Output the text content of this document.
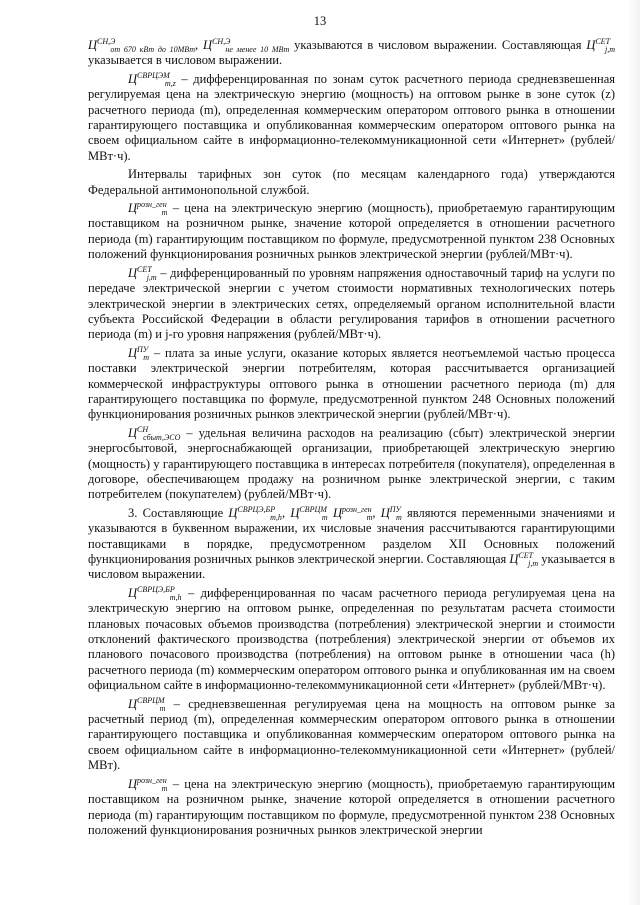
13

$Ц^{СН,Э}_{от 670 кВт до 10МВт}$, $Ц^{СН,Э}_{не менее 10 МВт}$ указываются в числовом выражении. Составляющая $Ц^{СЕТ}_{j,m}$ указывается в числовом выражении.

$Ц^{СВРЦЭМ}_{m,z}$ – дифференцированная по зонам суток расчетного периода средневзвешенная регулируемая цена на электрическую энергию (мощность) на оптовом рынке в зоне суток (z) расчетного периода (m), определенная коммерческим оператором оптового рынка в отношении гарантирующего поставщика и опубликованная коммерческим оператором оптового рынка на своем официальном сайте в информационно-телекоммуникационной сети «Интернет» (рублей/МВт·ч).

Интервалы тарифных зон суток (по месяцам календарного года) утверждаются Федеральной антимонопольной службой.

$Ц^{розн\_ген}_m$ – цена на электрическую энергию (мощность), приобретаемую гарантирующим поставщиком на розничном рынке, значение которой определяется в отношении расчетного периода (m) гарантирующим поставщиком по формуле, предусмотренной пунктом 238 Основных положений функционирования розничных рынков электрической энергии (рублей/МВт·ч).

$Ц^{СЕТ}_{j,m}$ – дифференцированный по уровням напряжения одноставочный тариф на услуги по передаче электрической энергии с учетом стоимости нормативных технологических потерь электрической энергии в электрических сетях, определяемый органом исполнительной власти субъекта Российской Федерации в области регулирования тарифов в отношении расчетного периода (m) и j-го уровня напряжения (рублей/МВт·ч).

$Ц^{ПУ}_m$ – плата за иные услуги, оказание которых является неотъемлемой частью процесса поставки электрической энергии потребителям, которая рассчитывается организацией коммерческой инфраструктуры оптового рынка в отношении расчетного периода (m) для гарантирующего поставщика по формуле, предусмотренной пунктом 248 Основных положений функционирования розничных рынков электрической энергии (рублей/МВт·ч).

$Ц^{СН}_{сбыт,ЭСО}$ – удельная величина расходов на реализацию (сбыт) электрической энергии энергосбытовой, энергоснабжающей организации, приобретающей электрическую энергию (мощность) у гарантирующего поставщика в интересах потребителя (покупателя), определенная в договоре, обеспечивающем продажу на розничном рынке электрической энергии, с таким потребителем (покупателем) (рублей/МВт·ч).

3. Составляющие $Ц^{СВРЦЭ,БР}_{m,h}$, $Ц^{СВРЦМ}_m$ $Ц^{розн\_ген}_m$, $Ц^{ПУ}_m$ являются переменными значениями и указываются в буквенном выражении, их числовые значения рассчитываются гарантирующими поставщиками в порядке, предусмотренном разделом XII Основных положений функционирования розничных рынков электрической энергии. Составляющая $Ц^{СЕТ}_{j,m}$ указывается в числовом выражении.

$Ц^{СВРЦЭ,БР}_{m,h}$ – дифференцированная по часам расчетного периода регулируемая цена на электрическую энергию на оптовом рынке, определенная по результатам расчета стоимости плановых почасовых объемов производства (потребления) электрической энергии и стоимости отклонений фактического производства (потребления) электрической энергии от объемов их планового почасового производства (потребления) на оптовом рынке в отношении часа (h) расчетного периода (m) коммерческим оператором оптового рынка и опубликованная им на своем официальном сайте в информационно-телекоммуникационной сети «Интернет» (рублей/МВт·ч).

$Ц^{СВРЦМ}_m$ – средневзвешенная регулируемая цена на мощность на оптовом рынке за расчетный период (m), определенная коммерческим оператором оптового рынка в отношении гарантирующего поставщика и опубликованная коммерческим оператором оптового рынка на своем официальном сайте в информационно-телекоммуникационной сети «Интернет» (рублей/МВт).

$Ц^{розн\_ген}_m$ – цена на электрическую энергию (мощность), приобретаемую гарантирующим поставщиком на розничном рынке, значение которой определяется в отношении расчетного периода (m) гарантирующим поставщиком по формуле, предусмотренной пунктом 238 Основных положений функционирования розничных рынков электрической энергии
